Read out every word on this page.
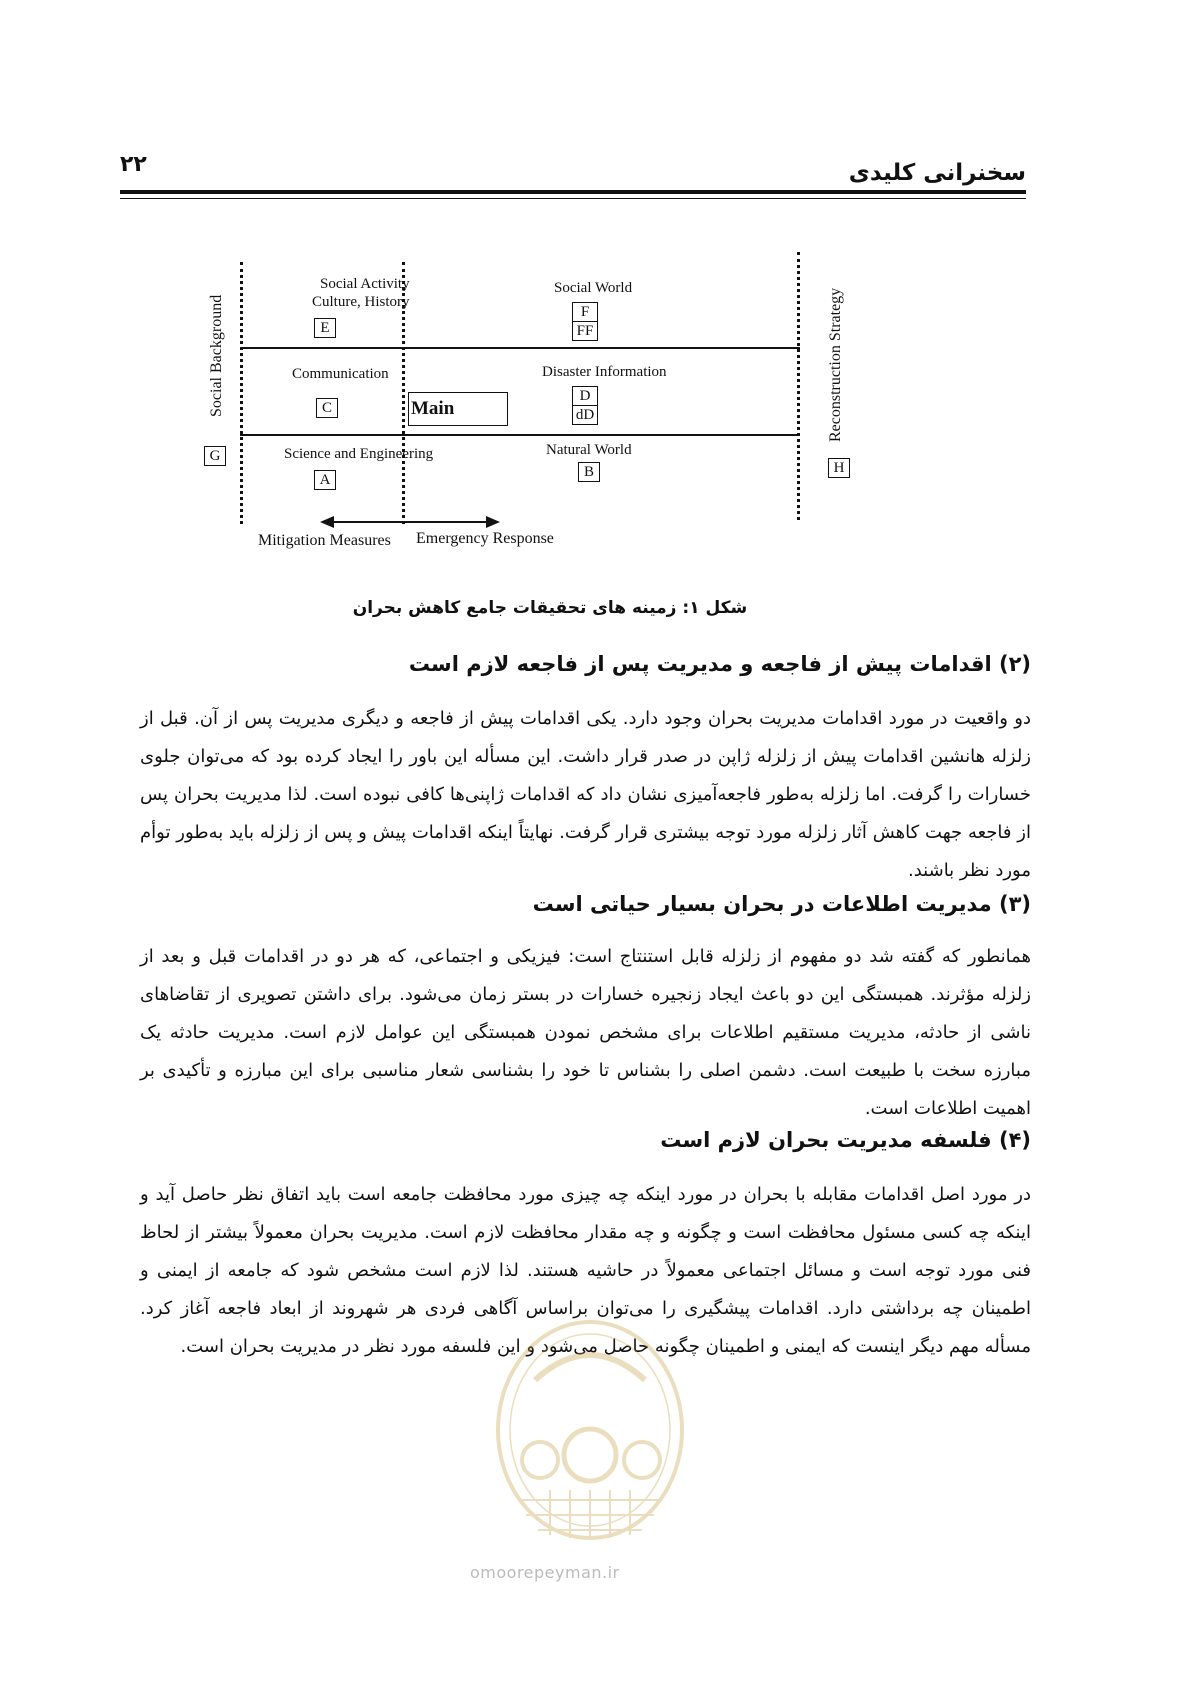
۲۲	سخنرانی کلیدی
Social Background	Reconstruction Strategy
Social Activity
Culture, History
E
Social World
F
FF
Communication
C	Main
Disaster Information
D
dD
Science and Engineering
A
Natural World
B
G
H
Mitigation Measures Emergency Response
شکل ۱: زمینه های تحقیقات جامع کاهش بحران
(۲) اقدامات پیش از فاجعه و مدیریت پس از فاجعه لازم است
دو واقعیت در مورد اقدامات مدیریت بحران وجود دارد. یکی اقدامات پیش از فاجعه و دیگری مدیریت پس از آن. قبل از زلزله هانشین اقدامات پیش از زلزله ژاپن در صدر قرار داشت. این مسأله این باور را ایجاد کرده بود که می‌توان جلوی خسارات را گرفت. اما زلزله به‌طور فاجعه‌آمیزی نشان داد که اقدامات ژاپنی‌ها کافی نبوده است. لذا مدیریت بحران پس از فاجعه جهت کاهش آثار زلزله مورد توجه بیشتری قرار گرفت. نهایتاً اینکه اقدامات پیش و پس از زلزله باید به‌طور توأم مورد نظر باشند.
(۳) مدیریت اطلاعات در بحران بسیار حیاتی است
همانطور که گفته شد دو مفهوم از زلزله قابل استنتاج است: فیزیکی و اجتماعی، که هر دو در اقدامات قبل و بعد از زلزله مؤثرند. همبستگی این دو باعث ایجاد زنجیره خسارات در بستر زمان می‌شود. برای داشتن تصویری از تقاضاهای ناشی از حادثه، مدیریت مستقیم اطلاعات برای مشخص نمودن همبستگی این عوامل لازم است. مدیریت حادثه یک مبارزه سخت با طبیعت است. دشمن اصلی را بشناس تا خود را بشناسی شعار مناسبی برای این مبارزه و تأکیدی بر اهمیت اطلاعات است.
(۴) فلسفه مدیریت بحران لازم است
در مورد اصل اقدامات مقابله با بحران در مورد اینکه چه چیزی مورد محافظت جامعه است باید اتفاق نظر حاصل آید و اینکه چه کسی مسئول محافظت است و چگونه و چه مقدار محافظت لازم است. مدیریت بحران معمولاً بیشتر از لحاظ فنی مورد توجه است و مسائل اجتماعی معمولاً در حاشیه هستند. لذا لازم است مشخص شود که جامعه از ایمنی و اطمینان چه برداشتی دارد. اقدامات پیشگیری را می‌توان براساس آگاهی فردی هر شهروند از ابعاد فاجعه آغاز کرد. مسأله مهم دیگر اینست که ایمنی و اطمینان چگونه حاصل می‌شود و این فلسفه مورد نظر در مدیریت بحران است.
omoorepeyman.ir
